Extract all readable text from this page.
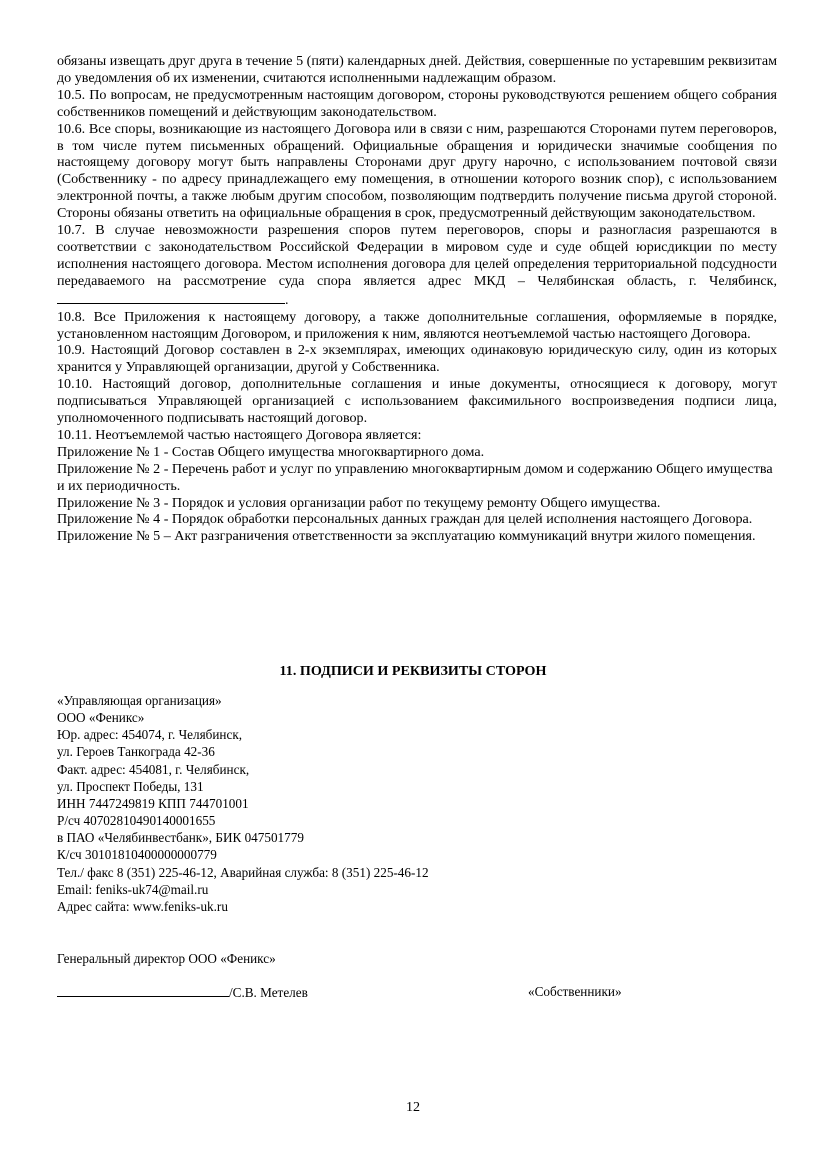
обязаны извещать друг друга в течение 5 (пяти) календарных дней. Действия, совершенные по устаревшим реквизитам до уведомления об их изменении, считаются исполненными надлежащим образом.

10.5. По вопросам, не предусмотренным настоящим договором, стороны руководствуются решением общего собрания собственников помещений и действующим законодательством.

10.6. Все споры, возникающие из настоящего Договора или в связи с ним, разрешаются Сторонами путем переговоров, в том числе путем письменных обращений. Официальные обращения и юридически значимые сообщения по настоящему договору могут быть направлены Сторонами друг другу нарочно, с использованием почтовой связи (Собственнику - по адресу принадлежащего ему помещения, в отношении которого возник спор), с использованием электронной почты, а также любым другим способом, позволяющим подтвердить получение письма другой стороной. Стороны обязаны ответить на официальные обращения в срок, предусмотренный действующим законодательством.

10.7. В случае невозможности разрешения споров путем переговоров, споры и разногласия разрешаются в соответствии с законодательством Российской Федерации в мировом суде и суде общей юрисдикции по месту исполнения настоящего договора. Местом исполнения договора для целей определения территориальной подсудности передаваемого на рассмотрение суда спора является адрес МКД – Челябинская область, г. Челябинск, .

10.8. Все Приложения к настоящему договору, а также дополнительные соглашения, оформляемые в порядке, установленном настоящим Договором, и приложения к ним, являются неотъемлемой частью настоящего Договора.

10.9. Настоящий Договор составлен в 2-х экземплярах, имеющих одинаковую юридическую силу, один из которых хранится у Управляющей организации, другой у Собственника.

10.10. Настоящий договор, дополнительные соглашения и иные документы, относящиеся к договору, могут подписываться Управляющей организацией с использованием факсимильного воспроизведения подписи лица, уполномоченного подписывать настоящий договор.

10.11. Неотъемлемой частью настоящего Договора является:

Приложение № 1 - Состав Общего имущества многоквартирного дома.

Приложение № 2 - Перечень работ и услуг по управлению многоквартирным домом и содержанию Общего имущества и их периодичность.

Приложение № 3 - Порядок и условия организации работ по текущему ремонту Общего имущества.

Приложение № 4 - Порядок обработки персональных данных граждан для целей исполнения настоящего Договора.

Приложение № 5 – Акт разграничения ответственности за эксплуатацию коммуникаций внутри жилого помещения.

11. ПОДПИСИ И РЕКВИЗИТЫ СТОРОН

«Управляющая организация»

ООО «Феникс»

Юр. адрес: 454074, г. Челябинск,

ул. Героев Танкограда 42-36

Факт. адрес: 454081, г. Челябинск,

ул. Проспект Победы, 131

ИНН 7447249819 КПП 744701001

Р/сч 40702810490140001655

в ПАО «Челябинвестбанк», БИК 047501779

К/сч 30101810400000000779

Тел./ факс 8 (351) 225-46-12, Аварийная служба: 8 (351) 225-46-12

Email: feniks-uk74@mail.ru

Адрес сайта: www.feniks-uk.ru

Генеральный директор ООО «Феникс»

/С.В. Метелев	«Собственники»

12
